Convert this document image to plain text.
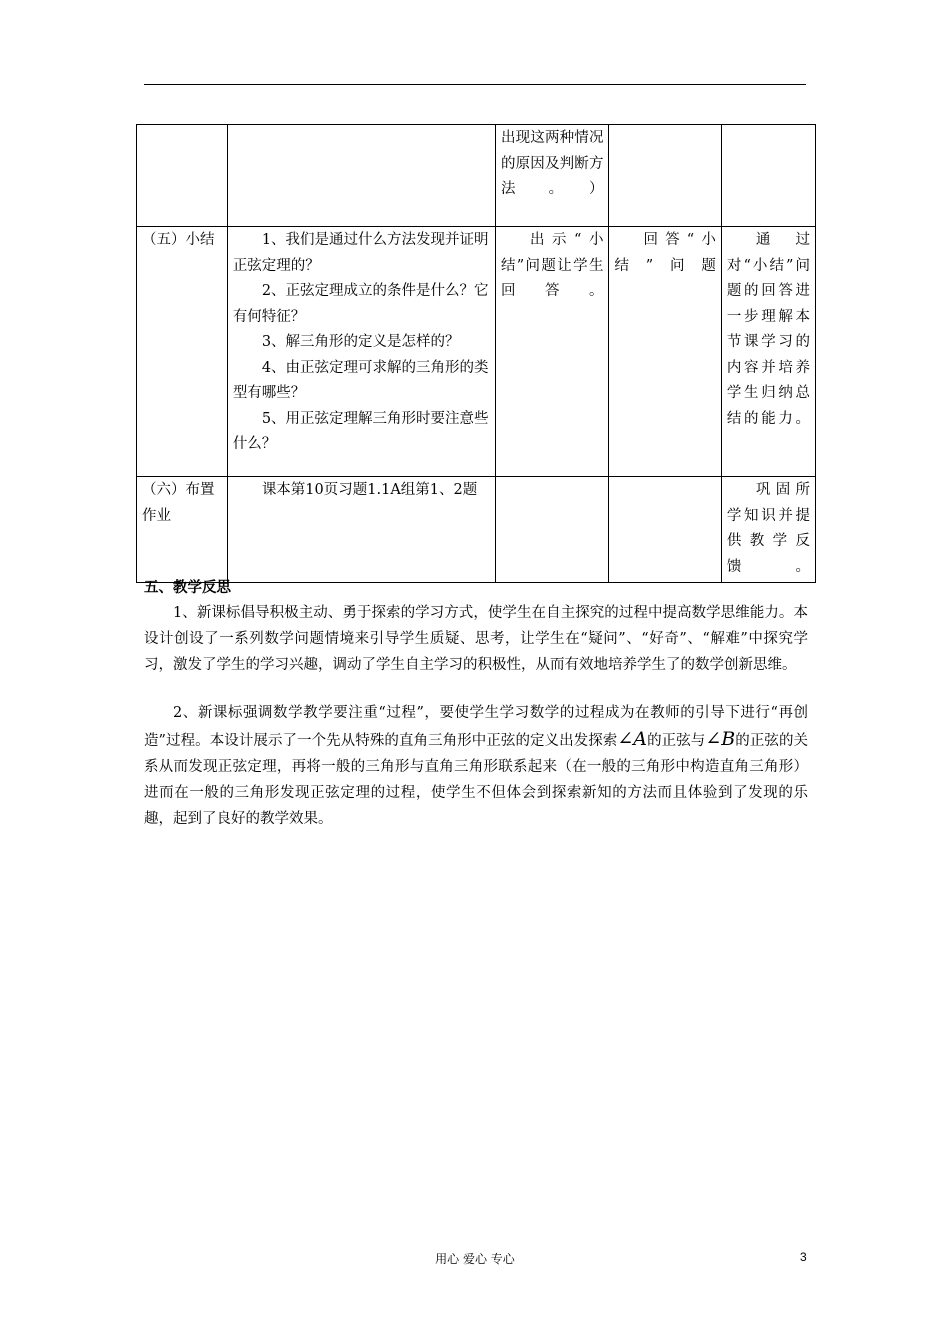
		出现这两种情况的原因及判断方法。）		
（五）小结	1、我们是通过什么方法发现并证明正弦定理的？

2、正弦定理成立的条件是什么？它有何特征？

3、解三角形的定义是怎样的？

4、由正弦定理可求解的三角形的类型有哪些？

5、用正弦定理解三角形时要注意些什么？	出示“小结”问题让学生回答。	回答“小结”问题	通过对“小结”问题的回答进一步理解本节课学习的内容并培养学生归纳总结的能力。
（六）布置作业	课本第10页习题1.1A组第1、2题			巩固所学知识并提供教学反馈。
五、教学反思

1、新课标倡导积极主动、勇于探索的学习方式，使学生在自主探究的过程中提高数学思维能力。本设计创设了一系列数学问题情境来引导学生质疑、思考，让学生在“疑问”、“好奇”、“解难”中探究学习，激发了学生的学习兴趣，调动了学生自主学习的积极性，从而有效地培养学生了的数学创新思维。

2、新课标强调数学教学要注重“过程”，要使学生学习数学的过程成为在教师的引导下进行“再创造”过程。本设计展示了一个先从特殊的直角三角形中正弦的定义出发探索∠A的正弦与∠B的正弦的关系从而发现正弦定理，再将一般的三角形与直角三角形联系起来（在一般的三角形中构造直角三角形）进而在一般的三角形发现正弦定理的过程，使学生不但体会到探索新知的方法而且体验到了发现的乐趣，起到了良好的教学效果。

用心 爱心 专心	3
